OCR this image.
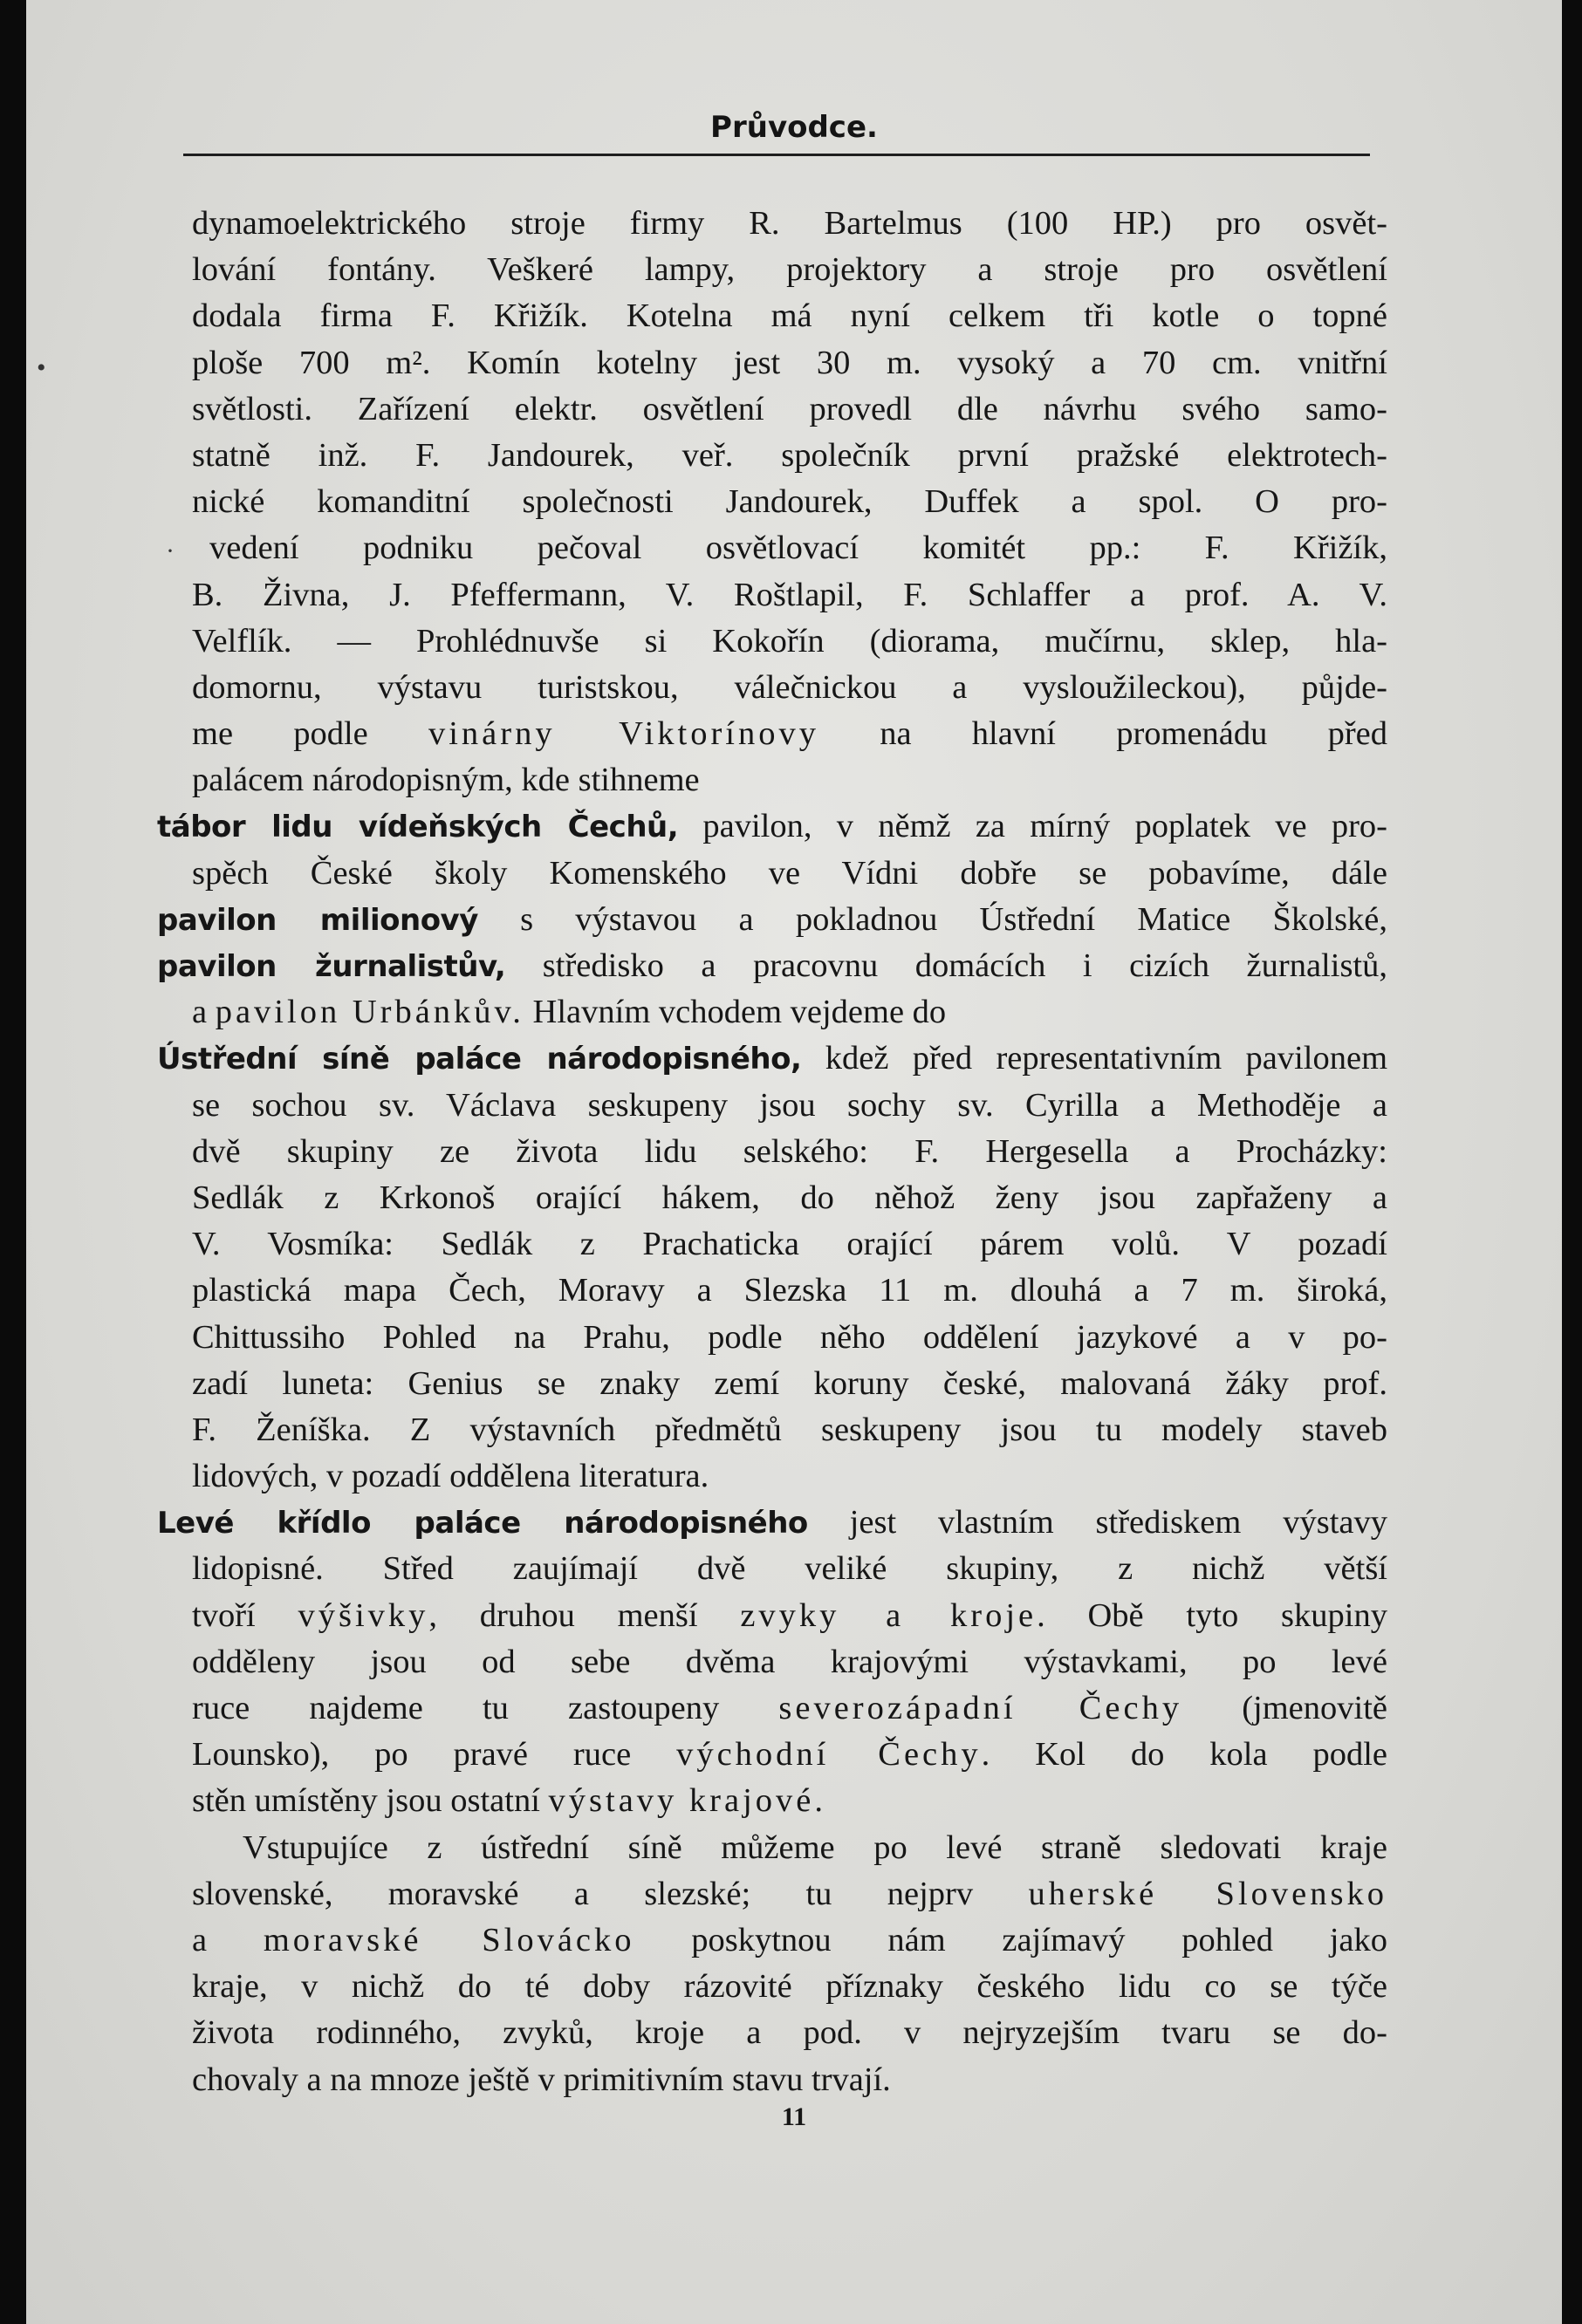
Průvodce.
dynamoelektrického stroje firmy R. Bartelmus (100 HP.) pro osvět-
lování fontány. Veškeré lampy, projektory a stroje pro osvětlení
dodala firma F. Křižík. Kotelna má nyní celkem tři kotle o topné
ploše 700 m². Komín kotelny jest 30 m. vysoký a 70 cm. vnitřní
světlosti. Zařízení elektr. osvětlení provedl dle návrhu svého samo-
statně inž. F. Jandourek, veř. společník první pražské elektrotech-
nické komanditní společnosti Jandourek, Duffek a spol. O pro-
vedení podniku pečoval osvětlovací komitét pp.: F. Křižík,
B. Živna, J. Pfeffermann, V. Roštlapil, F. Schlaffer a prof. A. V.
Velflík. — Prohlédnuvše si Kokořín (diorama, mučírnu, sklep, hla-
domornu, výstavu turistskou, válečnickou a vysloužileckou), půjde-
me podle vinárny Viktorínovy na hlavní promenádu před
palácem národopisným, kde stihneme
tábor lidu vídeňských Čechů, pavilon, v němž za mírný poplatek ve pro-
spěch České školy Komenského ve Vídni dobře se pobavíme, dále
pavilon milionový s výstavou a pokladnou Ústřední Matice Školské,
pavilon žurnalistův, středisko a pracovnu domácích i cizích žurnalistů,
a pavilon Urbánkův. Hlavním vchodem vejdeme do
Ústřední síně paláce národopisného, kdež před representativním pavilonem
se sochou sv. Václava seskupeny jsou sochy sv. Cyrilla a Methoděje a
dvě skupiny ze života lidu selského: F. Hergesella a Procházky:
Sedlák z Krkonoš orající hákem, do něhož ženy jsou zapřaženy a
V. Vosmíka: Sedlák z Prachaticka orající párem volů. V pozadí
plastická mapa Čech, Moravy a Slezska 11 m. dlouhá a 7 m. široká,
Chittussiho Pohled na Prahu, podle něho oddělení jazykové a v po-
zadí luneta: Genius se znaky zemí koruny české, malovaná žáky prof.
F. Ženíška. Z výstavních předmětů seskupeny jsou tu modely staveb
lidových, v pozadí oddělena literatura.
Levé křídlo paláce národopisného jest vlastním střediskem výstavy
lidopisné. Střed zaujímají dvě veliké skupiny, z nichž větší
tvoří výšivky, druhou menší zvyky a kroje. Obě tyto skupiny
odděleny jsou od sebe dvěma krajovými výstavkami, po levé
ruce najdeme tu zastoupeny severozápadní Čechy (jmenovitě
Lounsko), po pravé ruce východní Čechy. Kol do kola podle
stěn umístěny jsou ostatní výstavy krajové.
Vstupujíce z ústřední síně můžeme po levé straně sledovati kraje
slovenské, moravské a slezské; tu nejprv uherské Slovensko
a moravské Slovácko poskytnou nám zajímavý pohled jako
kraje, v nichž do té doby rázovité příznaky českého lidu co se týče
života rodinného, zvyků, kroje a pod. v nejryzejším tvaru se do-
chovaly a na mnoze ještě v primitivním stavu trvají.
11
•
·
